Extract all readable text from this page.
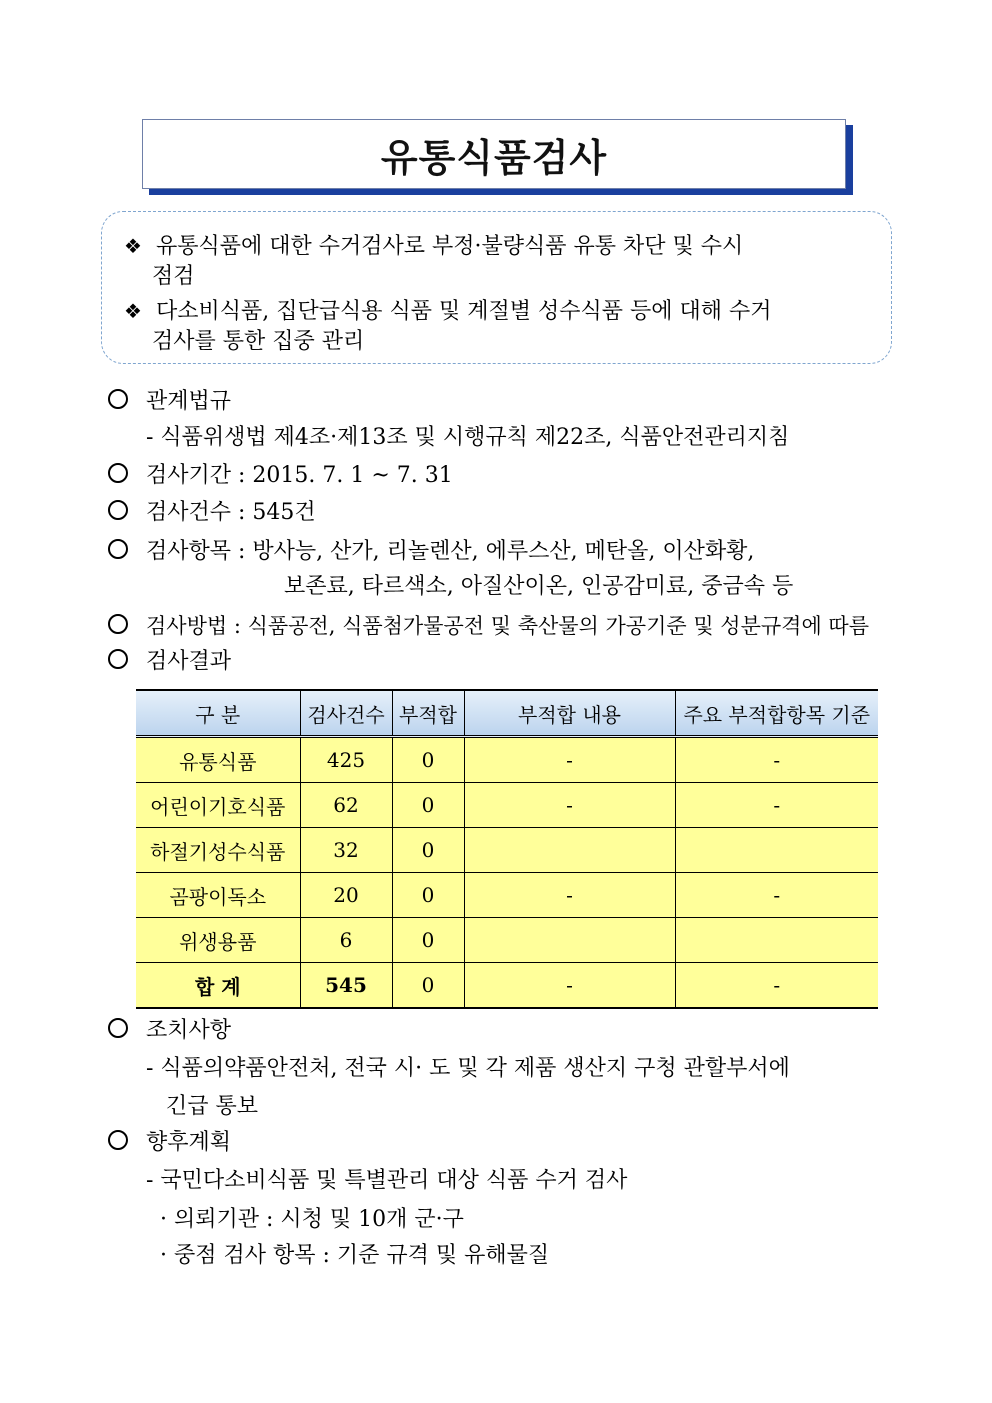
유통식품검사
❖ 유통식품에 대한 수거검사로 부정·불량식품 유통 차단 및 수시
점검
❖ 다소비식품, 집단급식용 식품 및 계절별 성수식품 등에 대해 수거
검사를 통한 집중 관리
관계법규
- 식품위생법 제4조·제13조 및 시행규칙 제22조, 식품안전관리지침
검사기간 : 2015. 7. 1 ~ 7. 31
검사건수 : 545건
검사항목 : 방사능, 산가, 리놀렌산, 에루스산, 메탄올, 이산화황,
보존료, 타르색소, 아질산이온, 인공감미료, 중금속 등
검사방법 : 식품공전, 식품첨가물공전 및 축산물의 가공기준 및 성분규격에 따름
검사결과
구 분	검사건수	부적합	부적합 내용	주요 부적합항목 기준
유통식품	425	0	-	-
어린이기호식품	62	0	-	-
하절기성수식품	32	0		
곰팡이독소	20	0	-	-
위생용품	6	0		
합 계	545	0	-	-
조치사항
- 식품의약품안전처, 전국 시· 도 및 각 제품 생산지 구청 관할부서에
긴급 통보
향후계획
- 국민다소비식품 및 특별관리 대상 식품 수거 검사
· 의뢰기관 : 시청 및 10개 군·구
· 중점 검사 항목 : 기준 규격 및 유해물질
